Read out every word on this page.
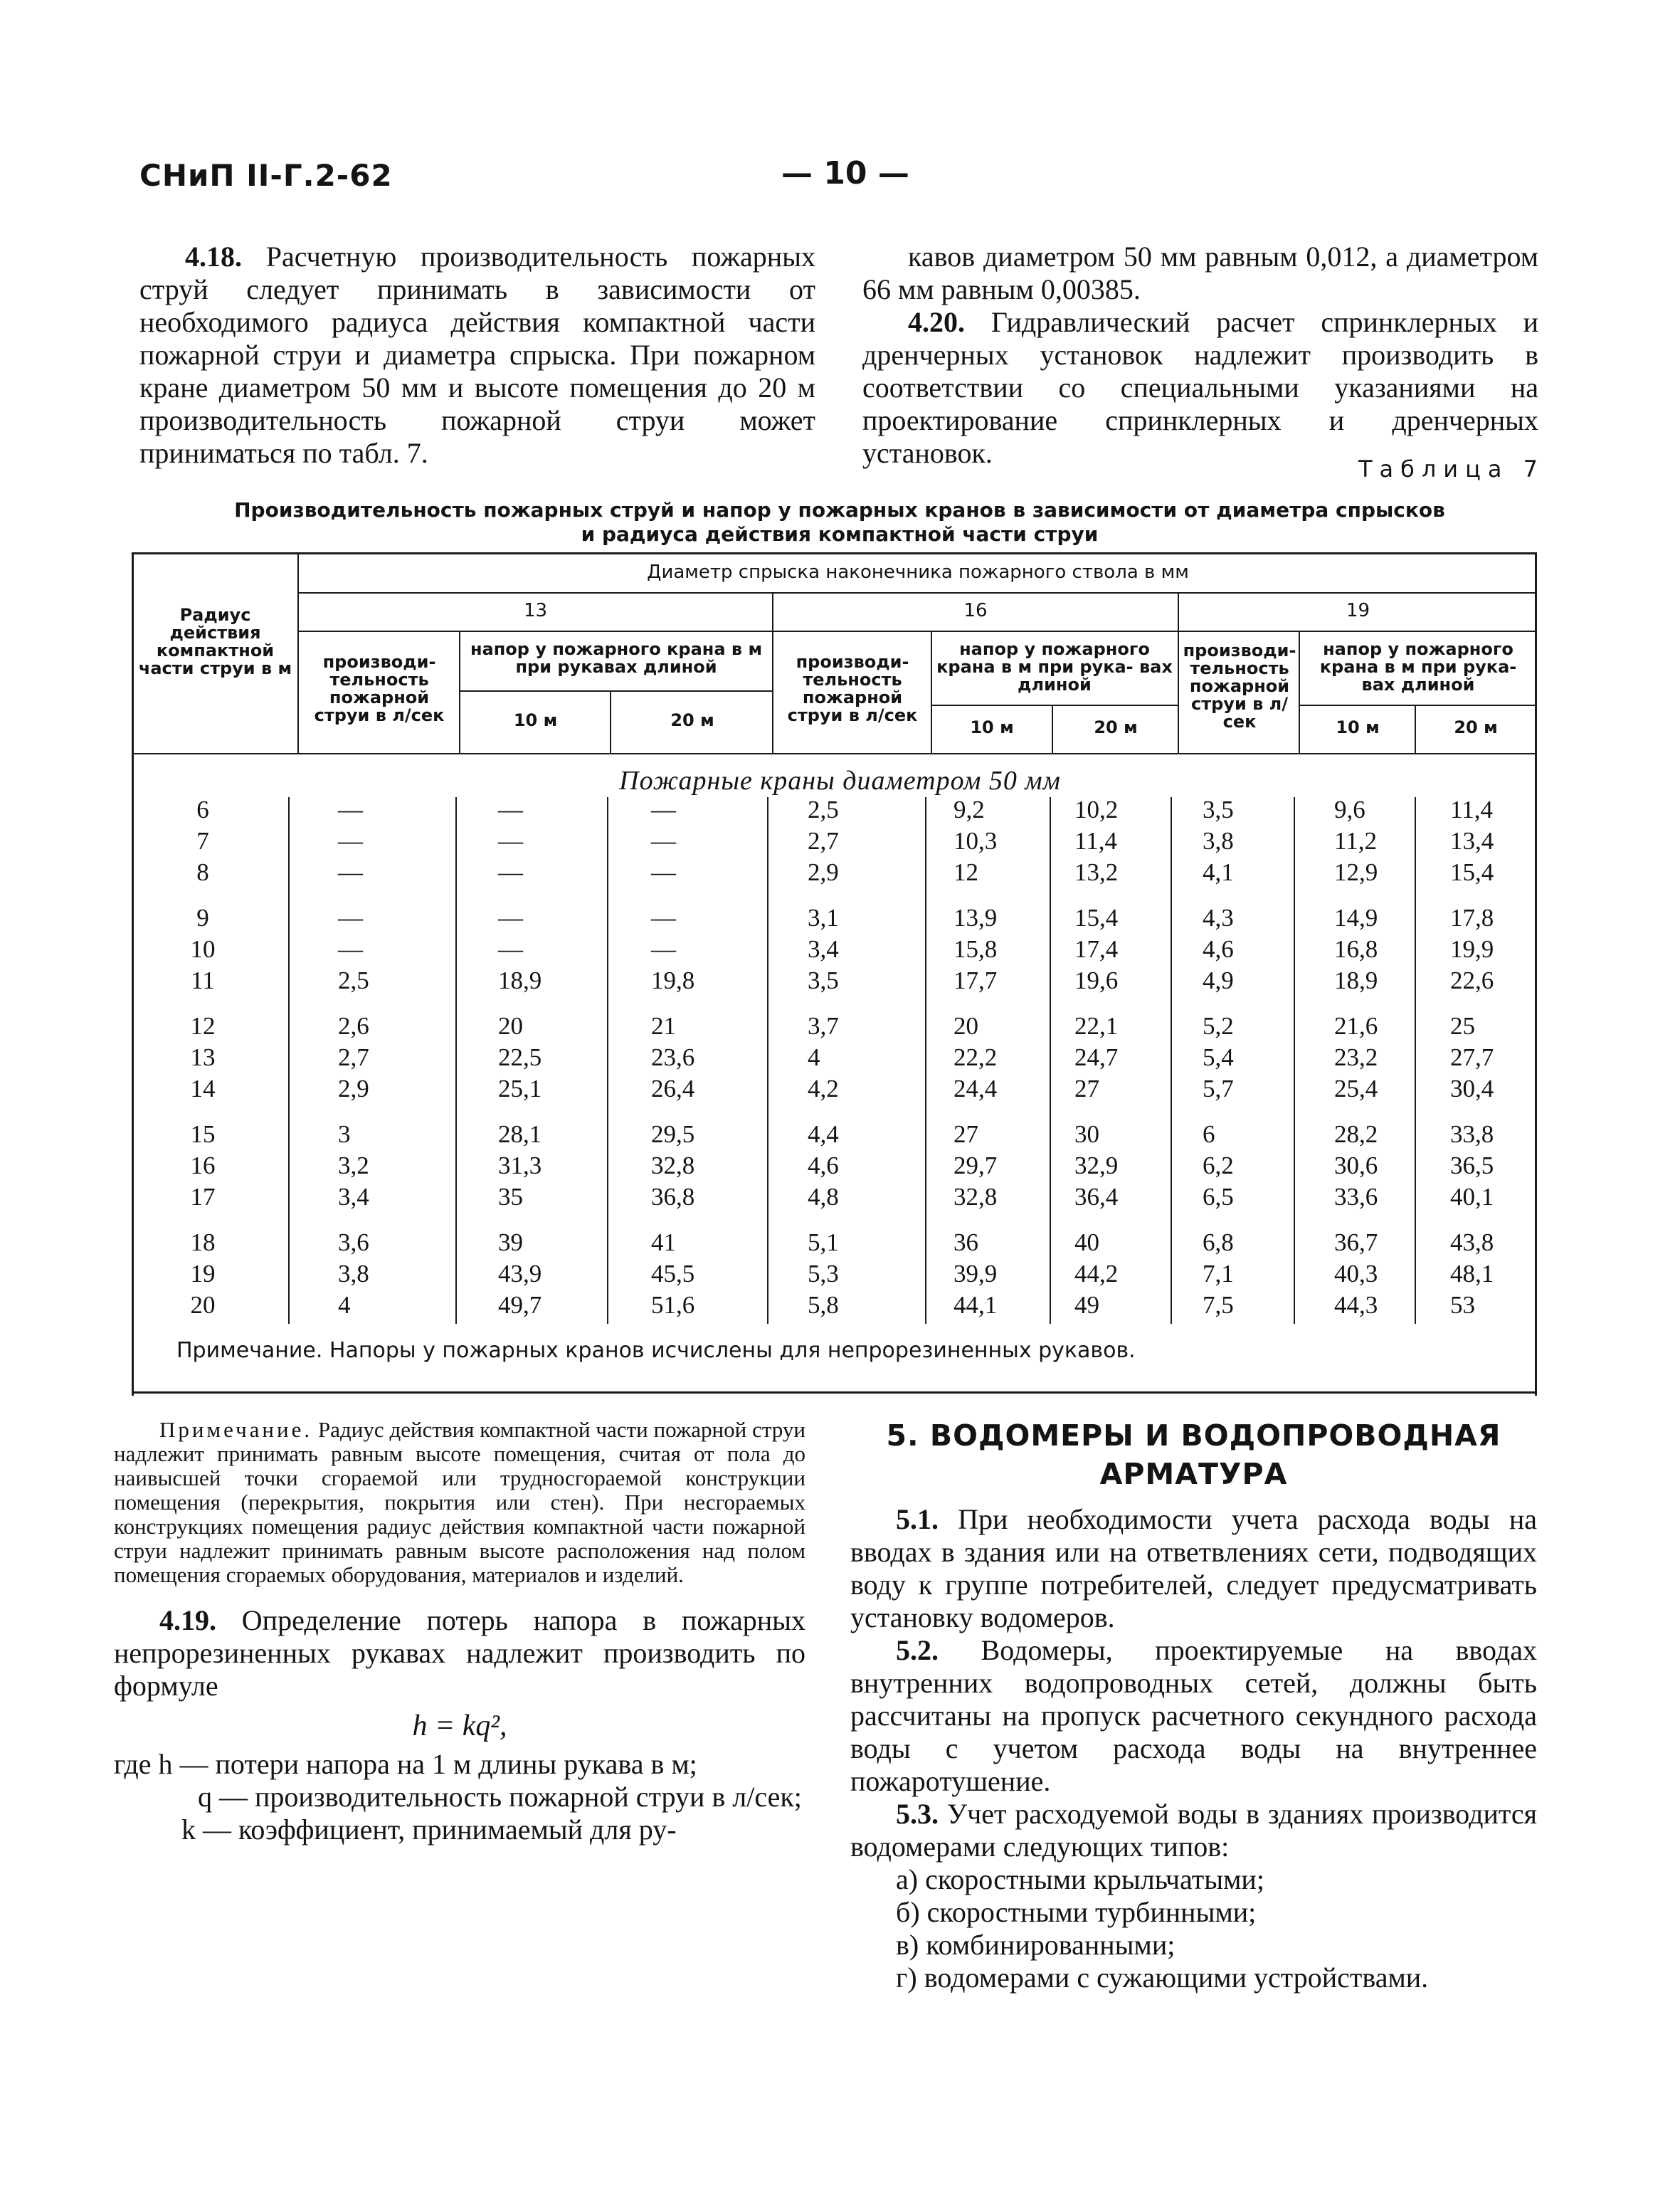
СНиП II-Г.2-62	— 10 —

4.18. Расчетную производительность пожарных струй следует принимать в зависимости от необходимого радиуса действия компактной части пожарной струи и диаметра спрыска. При пожарном кране диаметром 50 мм и высоте помещения до 20 м производительность пожарной струи может приниматься по табл. 7.

кавов диаметром 50 мм равным 0,012, а диаметром 66 мм равным 0,00385.

4.20. Гидравлический расчет спринклерных и дренчерных установок надлежит производить в соответствии со специальными указаниями на проектирование спринклерных и дренчерных установок.	Таблица 7
Производительность пожарных струй и напор у пожарных кранов в зависимости от диаметра спрысков
и радиуса действия компактной части струи
Радиус действия компактной части струи в м
Диаметр спрыска наконечника пожарного ствола в мм
13	16	19
производи- тельность пожарной струи в л/сек
напор у пожарного крана в м при рукавах длиной
10 м	20 м
производи- тельность пожарной струи в л/сек
напор у пожарного крана в м при рука- вах длиной
10 м	20 м
производи- тельность пожарной струи в л/сек
напор у пожарного крана в м при рука- вах длиной
10 м	20 м
Пожарные краны диаметром 50 мм
6	—	—	—	2,5	9,2	10,2	3,5	9,6	11,4
7	—	—	—	2,7	10,3	11,4	3,8	11,2	13,4
8	—	—	—	2,9	12	13,2	4,1	12,9	15,4
9	—	—	—	3,1	13,9	15,4	4,3	14,9	17,8
10	—	—	—	3,4	15,8	17,4	4,6	16,8	19,9
11	2,5	18,9	19,8	3,5	17,7	19,6	4,9	18,9	22,6
12	2,6	20	21	3,7	20	22,1	5,2	21,6	25
13	2,7	22,5	23,6	4	22,2	24,7	5,4	23,2	27,7
14	2,9	25,1	26,4	4,2	24,4	27	5,7	25,4	30,4
15	3	28,1	29,5	4,4	27	30	6	28,2	33,8
16	3,2	31,3	32,8	4,6	29,7	32,9	6,2	30,6	36,5
17	3,4	35	36,8	4,8	32,8	36,4	6,5	33,6	40,1
18	3,6	39	41	5,1	36	40	6,8	36,7	43,8
19	3,8	43,9	45,5	5,3	39,9	44,2	7,1	40,3	48,1
20	4	49,7	51,6	5,8	44,1	49	7,5	44,3	53
Примечание. Напоры у пожарных кранов исчислены для непрорезиненных рукавов.

Примечание. Радиус действия компактной части пожарной струи надлежит принимать равным высоте помещения, считая от пола до наивысшей точки сгораемой или трудносгораемой конструкции помещения (перекрытия, покрытия или стен). При несгораемых конструкциях помещения радиус действия компактной части пожарной струи надлежит принимать равным высоте расположения над полом помещения сгораемых оборудования, материалов и изделий.

4.19. Определение потерь напора в пожарных непрорезиненных рукавах надлежит производить по формуле

h = kq²,

где h — потери напора на 1 м длины рукава в м;

q — производительность пожарной струи в л/сек;

k — коэффициент, принимаемый для ру-

5. ВОДОМЕРЫ И ВОДОПРОВОДНАЯ
АРМАТУРА

5.1. При необходимости учета расхода воды на вводах в здания или на ответвлениях сети, подводящих воду к группе потребителей, следует предусматривать установку водомеров.

5.2. Водомеры, проектируемые на вводах внутренних водопроводных сетей, должны быть рассчитаны на пропуск расчетного секундного расхода воды с учетом расхода воды на внутреннее пожаротушение.

5.3. Учет расходуемой воды в зданиях производится водомерами следующих типов:

а) скоростными крыльчатыми;

б) скоростными турбинными;

в) комбинированными;

г) водомерами с сужающими устройствами.
